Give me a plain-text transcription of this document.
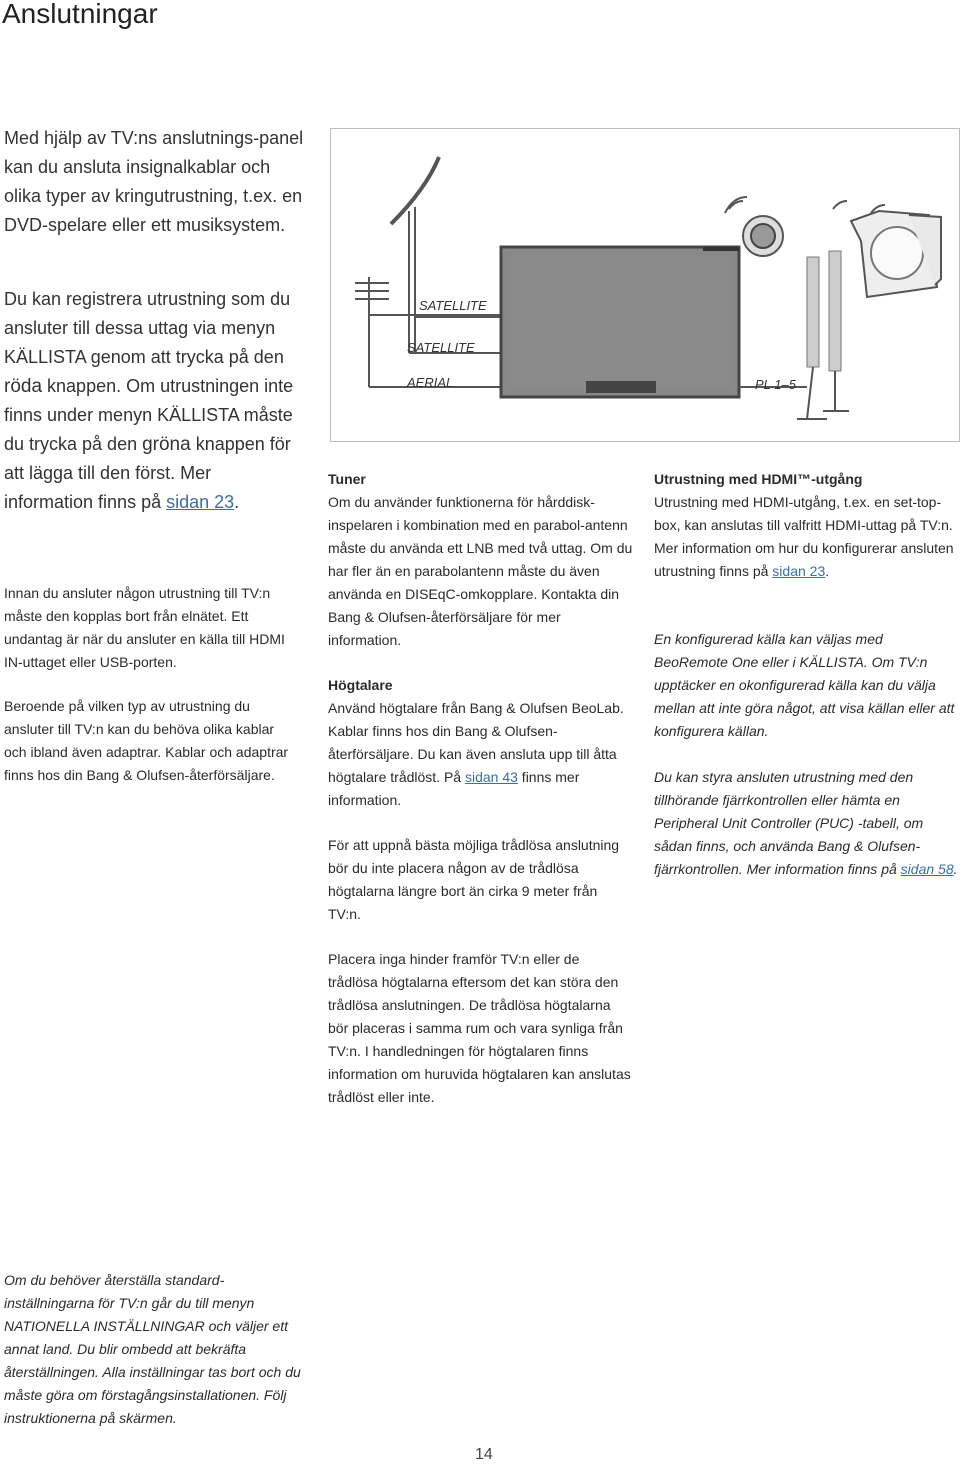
Anslutningar

Med hjälp av TV:ns anslutnings-panel kan du ansluta insignalkablar och olika typer av kringutrustning, t.ex. en DVD-spelare eller ett musiksystem.

Du kan registrera utrustning som du ansluter till dessa uttag via menyn KÄLLISTA genom att trycka på den röda knappen. Om utrustningen inte finns under menyn KÄLLISTA måste du trycka på den gröna knappen för att lägga till den först. Mer information finns på sidan 23.

Innan du ansluter någon utrustning till TV:n måste den kopplas bort från elnätet. Ett undantag är när du ansluter en källa till HDMI IN-uttaget eller USB-porten.

Beroende på vilken typ av utrustning du ansluter till TV:n kan du behöva olika kablar och ibland även adaptrar. Kablar och adaptrar finns hos din Bang & Olufsen-återförsäljare.

SATELLITE
SATELLITE
AERIAL	PL 1–5

Tuner

Om du använder funktionerna för hårddisk-inspelaren i kombination med en parabol-antenn måste du använda ett LNB med två uttag. Om du har fler än en parabolantenn måste du även använda en DISEqC-omkopplare. Kontakta din Bang & Olufsen-återförsäljare för mer information.

Högtalare

Använd högtalare från Bang & Olufsen BeoLab. Kablar finns hos din Bang & Olufsen-återförsäljare. Du kan även ansluta upp till åtta högtalare trådlöst. På sidan 43 finns mer information.

För att uppnå bästa möjliga trådlösa anslutning bör du inte placera någon av de trådlösa högtalarna längre bort än cirka 9 meter från TV:n.

Placera inga hinder framför TV:n eller de trådlösa högtalarna eftersom det kan störa den trådlösa anslutningen. De trådlösa högtalarna bör placeras i samma rum och vara synliga från TV:n. I handledningen för högtalaren finns information om huruvida högtalaren kan anslutas trådlöst eller inte.

Utrustning med HDMI™-utgång

Utrustning med HDMI-utgång, t.ex. en set-top-box, kan anslutas till valfritt HDMI-uttag på TV:n. Mer information om hur du konfigurerar ansluten utrustning finns på sidan 23.

En konfigurerad källa kan väljas med BeoRemote One eller i KÄLLISTA. Om TV:n upptäcker en okonfigurerad källa kan du välja mellan att inte göra något, att visa källan eller att konfigurera källan.

Du kan styra ansluten utrustning med den tillhörande fjärrkontrollen eller hämta en Peripheral Unit Controller (PUC) -tabell, om sådan finns, och använda Bang & Olufsen-fjärrkontrollen. Mer information finns på sidan 58.

Om du behöver återställa standard-inställningarna för TV:n går du till menyn NATIONELLA INSTÄLLNINGAR och väljer ett annat land. Du blir ombedd att bekräfta återställningen. Alla inställningar tas bort och du måste göra om förstagångsinstallationen. Följ instruktionerna på skärmen.

14
